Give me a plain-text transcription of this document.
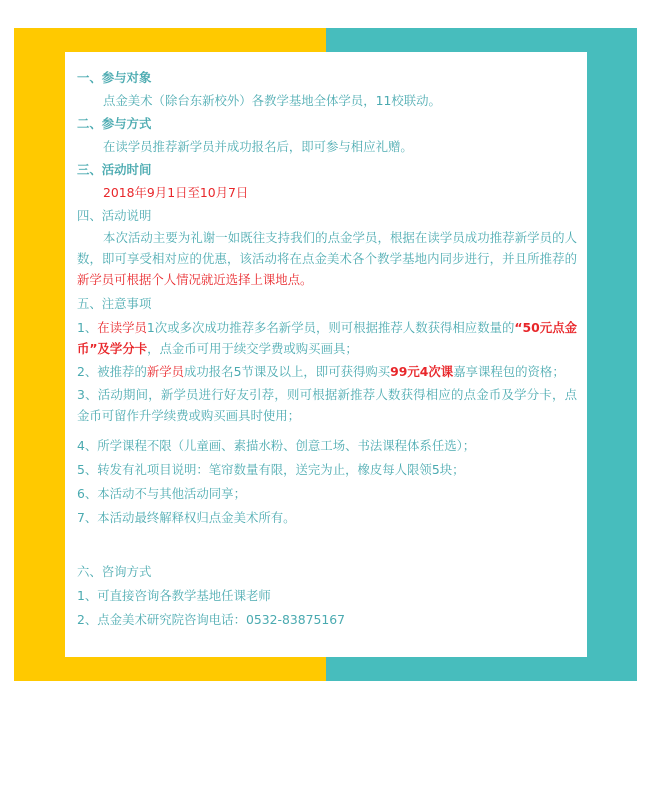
一、参与对象

点金美术（除台东新校外）各教学基地全体学员，11校联动。

二、参与方式

在读学员推荐新学员并成功报名后，即可参与相应礼赠。

三、活动时间

2018年9月1日至10月7日

四、活动说明

本次活动主要为礼谢一如既往支持我们的点金学员，根据在读学员成功推荐新学员的人数，即可享受相对应的优惠，该活动将在点金美术各个教学基地内同步进行，并且所推荐的新学员可根据个人情况就近选择上课地点。

五、注意事项

1、在读学员1次或多次成功推荐多名新学员，则可根据推荐人数获得相应数量的“50元点金币”及学分卡，点金币可用于续交学费或购买画具；

2、被推荐的新学员成功报名5节课及以上，即可获得购买99元4次课嘉享课程包的资格；

3、活动期间，新学员进行好友引荐，则可根据新推荐人数获得相应的点金币及学分卡，点金币可留作升学续费或购买画具时使用；

4、所学课程不限（儿童画、素描水粉、创意工场、书法课程体系任选）；

5、转发有礼项目说明：笔帘数量有限，送完为止，橡皮每人限领5块；

6、本活动不与其他活动同享；

7、本活动最终解释权归点金美术所有。

六、咨询方式

1、可直接咨询各教学基地任课老师

2、点金美术研究院咨询电话：0532-83875167
